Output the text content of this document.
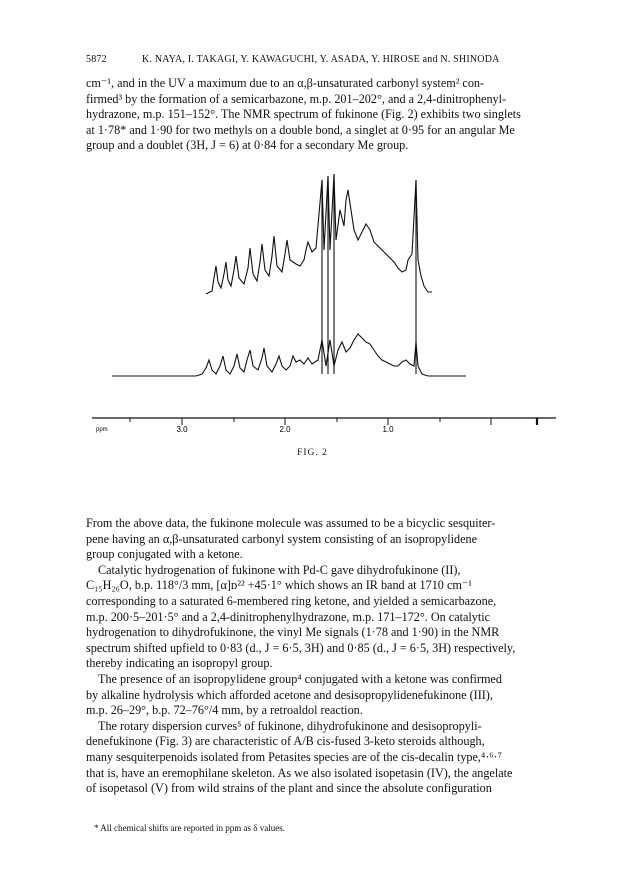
5872	K. NAYA, I. TAKAGI, Y. KAWAGUCHI, Y. ASADA, Y. HIROSE and N. SHINODA

cm⁻¹, and in the UV a maximum due to an α,β-unsaturated carbonyl system² con-

firmed³ by the formation of a semicarbazone, m.p. 201–202°, and a 2,4-dinitrophenyl-

hydrazone, m.p. 151–152°. The NMR spectrum of fukinone (Fig. 2) exhibits two singlets

at 1·78* and 1·90 for two methyls on a double bond, a singlet at 0·95 for an angular Me

group and a doublet (3H, J = 6) at 0·84 for a secondary Me group.

ppm	3.0	2.0	1.0
FIG. 2

From the above data, the fukinone molecule was assumed to be a bicyclic sesquiter-

pene having an α,β-unsaturated carbonyl system consisting of an isopropylidene

group conjugated with a ketone.

Catalytic hydrogenation of fukinone with Pd-C gave dihydrofukinone (II),

C₁₅H₂₆O, b.p. 118°/3 mm, [α]ᴅ²² +45·1° which shows an IR band at 1710 cm⁻¹

corresponding to a saturated 6-membered ring ketone, and yielded a semicarbazone,

m.p. 200·5–201·5° and a 2,4-dinitrophenylhydrazone, m.p. 171–172°. On catalytic

hydrogenation to dihydrofukinone, the vinyl Me signals (1·78 and 1·90) in the NMR

spectrum shifted upfield to 0·83 (d., J = 6·5, 3H) and 0·85 (d., J = 6·5, 3H) respectively,

thereby indicating an isopropyl group.

The presence of an isopropylidene group⁴ conjugated with a ketone was confirmed

by alkaline hydrolysis which afforded acetone and desisopropylidenefukinone (III),

m.p. 26–29°, b.p. 72–76°/4 mm, by a retroaldol reaction.

The rotary dispersion curves⁵ of fukinone, dihydrofukinone and desisopropyli-

denefukinone (Fig. 3) are characteristic of A/B cis-fused 3-keto steroids although,

many sesquiterpenoids isolated from Petasites species are of the cis-decalin type,⁴·⁶·⁷

that is, have an eremophilane skeleton. As we also isolated isopetasin (IV), the angelate

of isopetasol (V) from wild strains of the plant and since the absolute configuration

* All chemical shifts are reported in ppm as δ values.
